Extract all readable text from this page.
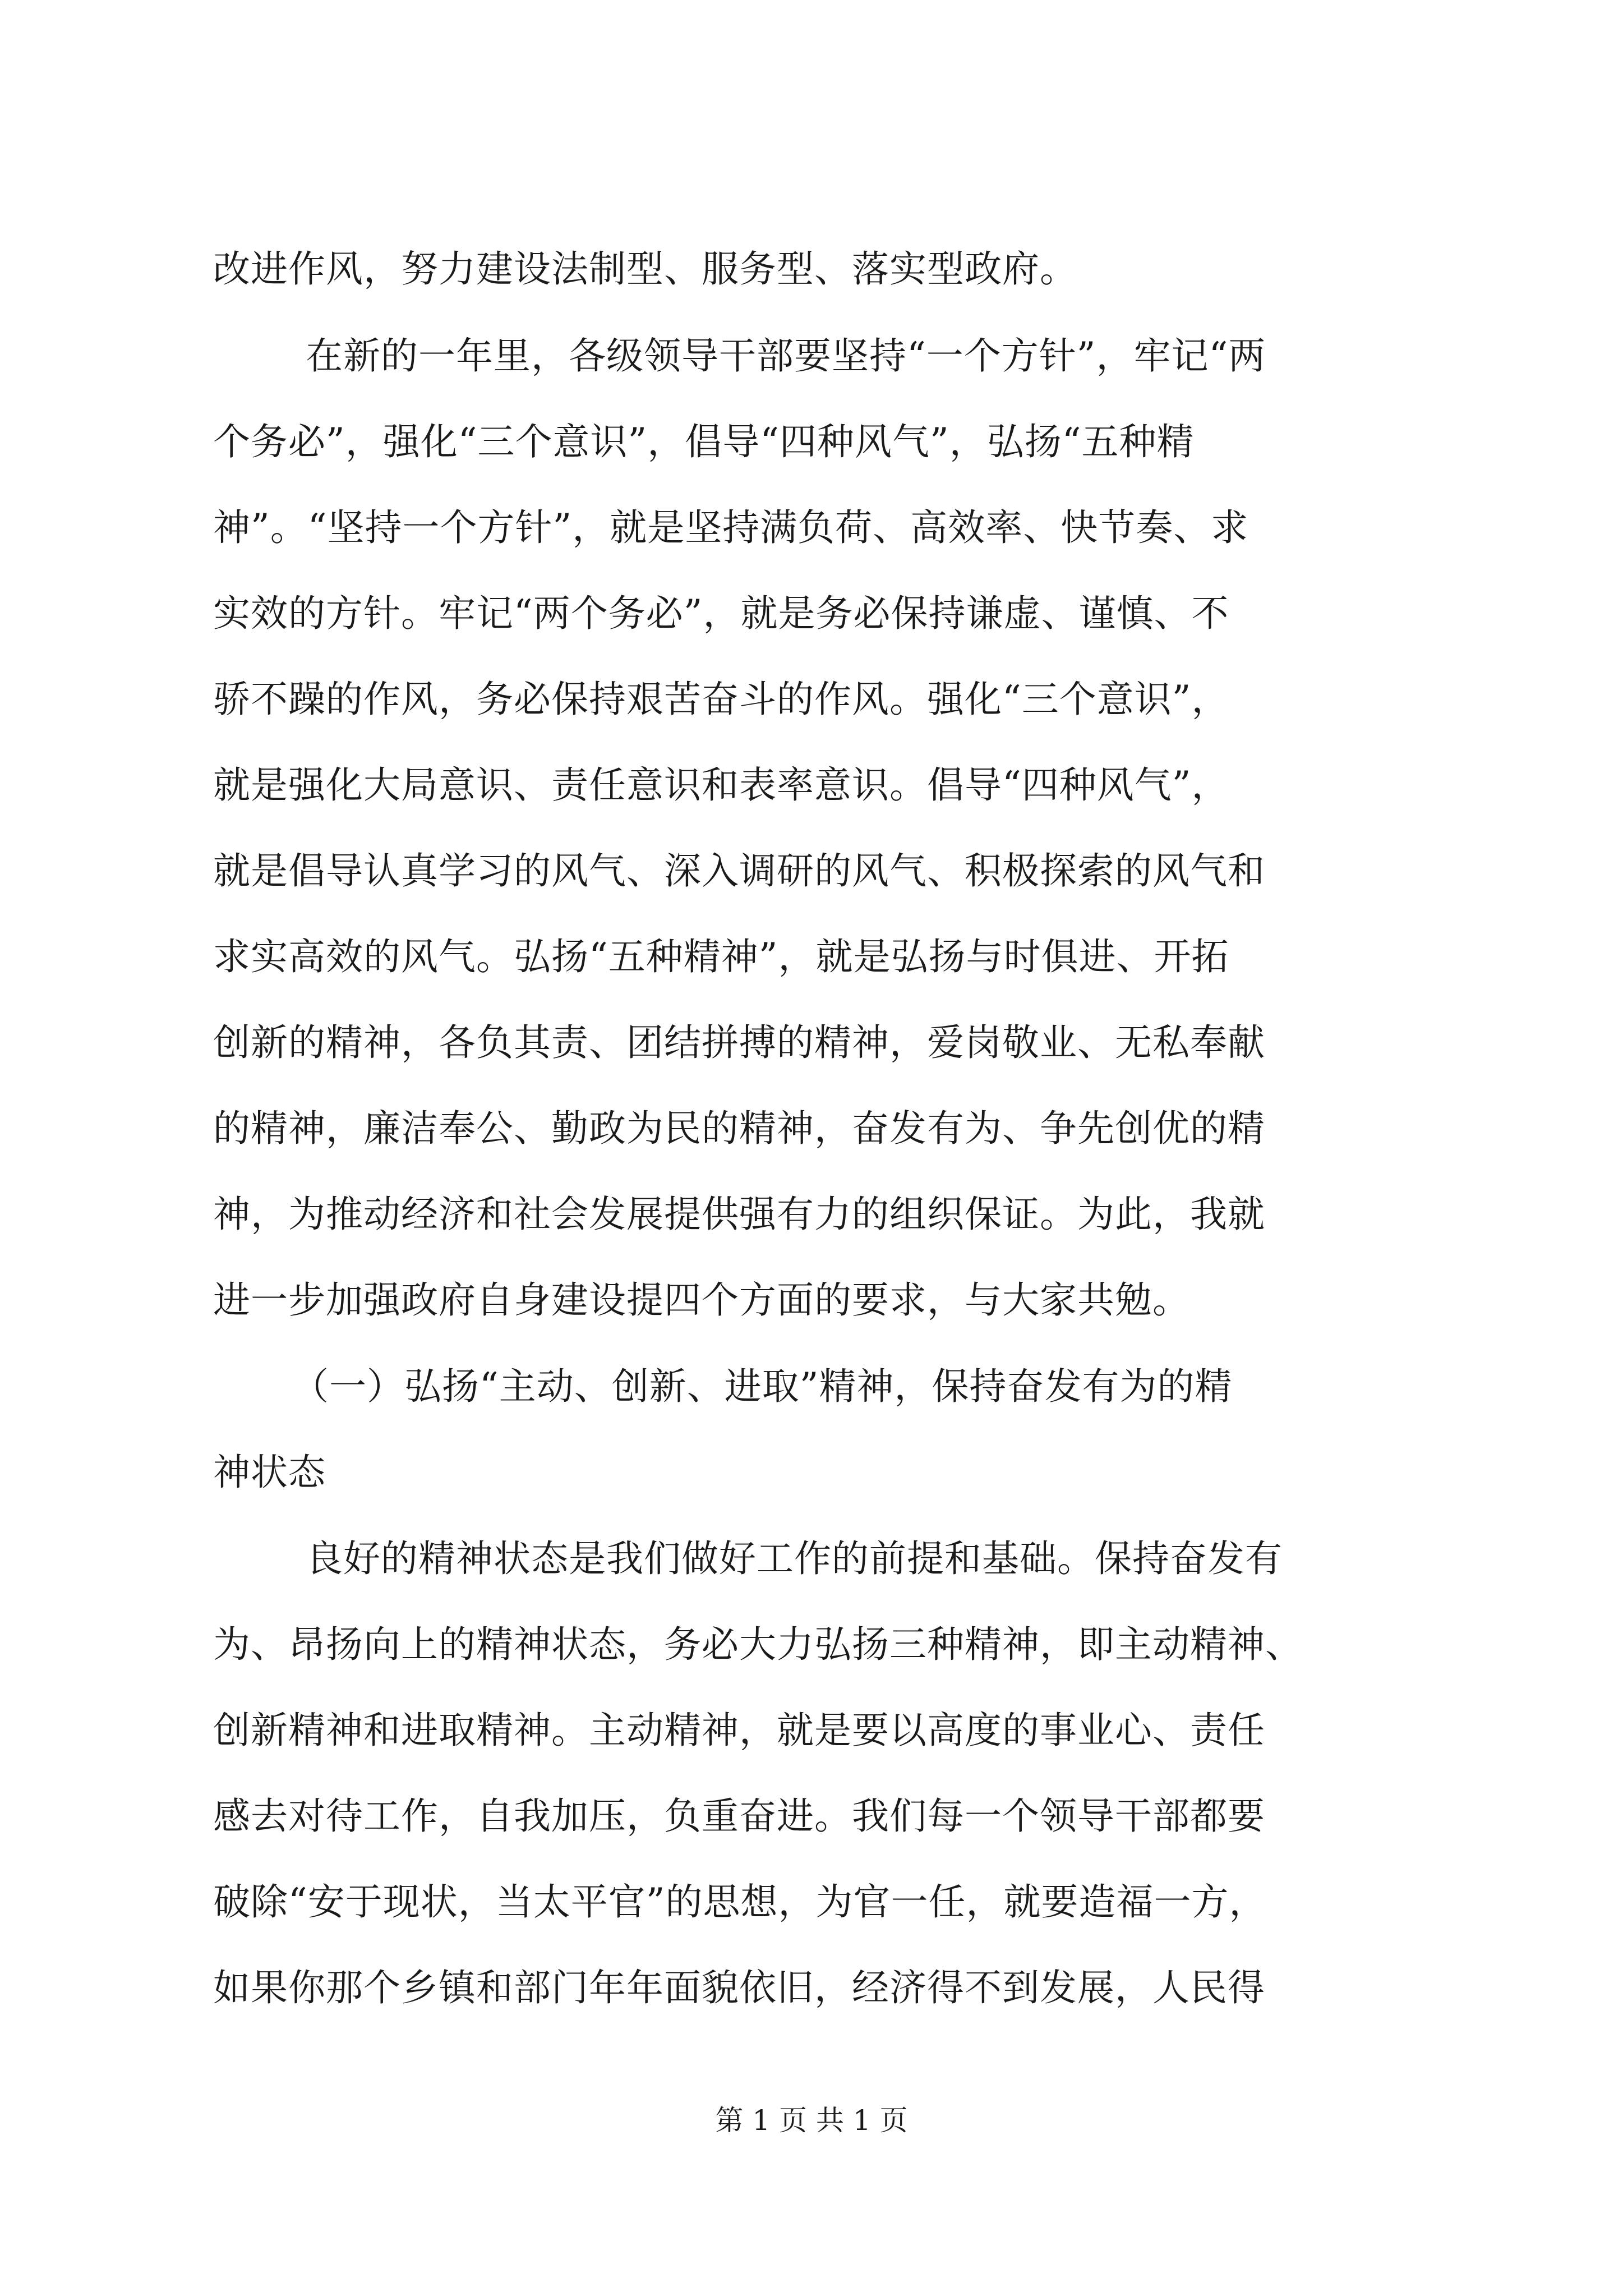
改进作风，努力建设法制型、服务型、落实型政府。
在新的一年里，各级领导干部要坚持“一个方针”，牢记“两
个务必”，强化“三个意识”，倡导“四种风气”，弘扬“五种精
神”。“坚持一个方针”，就是坚持满负荷、高效率、快节奏、求
实效的方针。牢记“两个务必”，就是务必保持谦虚、谨慎、不
骄不躁的作风，务必保持艰苦奋斗的作风。强化“三个意识”，
就是强化大局意识、责任意识和表率意识。倡导“四种风气”，
就是倡导认真学习的风气、深入调研的风气、积极探索的风气和
求实高效的风气。弘扬“五种精神”，就是弘扬与时俱进、开拓
创新的精神，各负其责、团结拼搏的精神，爱岗敬业、无私奉献
的精神，廉洁奉公、勤政为民的精神，奋发有为、争先创优的精
神，为推动经济和社会发展提供强有力的组织保证。为此，我就
进一步加强政府自身建设提四个方面的要求，与大家共勉。
（一）弘扬“主动、创新、进取”精神，保持奋发有为的精
神状态
良好的精神状态是我们做好工作的前提和基础。保持奋发有
为、昂扬向上的精神状态，务必大力弘扬三种精神，即主动精神、
创新精神和进取精神。主动精神，就是要以高度的事业心、责任
感去对待工作，自我加压，负重奋进。我们每一个领导干部都要
破除“安于现状，当太平官”的思想，为官一任，就要造福一方，
如果你那个乡镇和部门年年面貌依旧，经济得不到发展，人民得
第 1 页 共 1 页
